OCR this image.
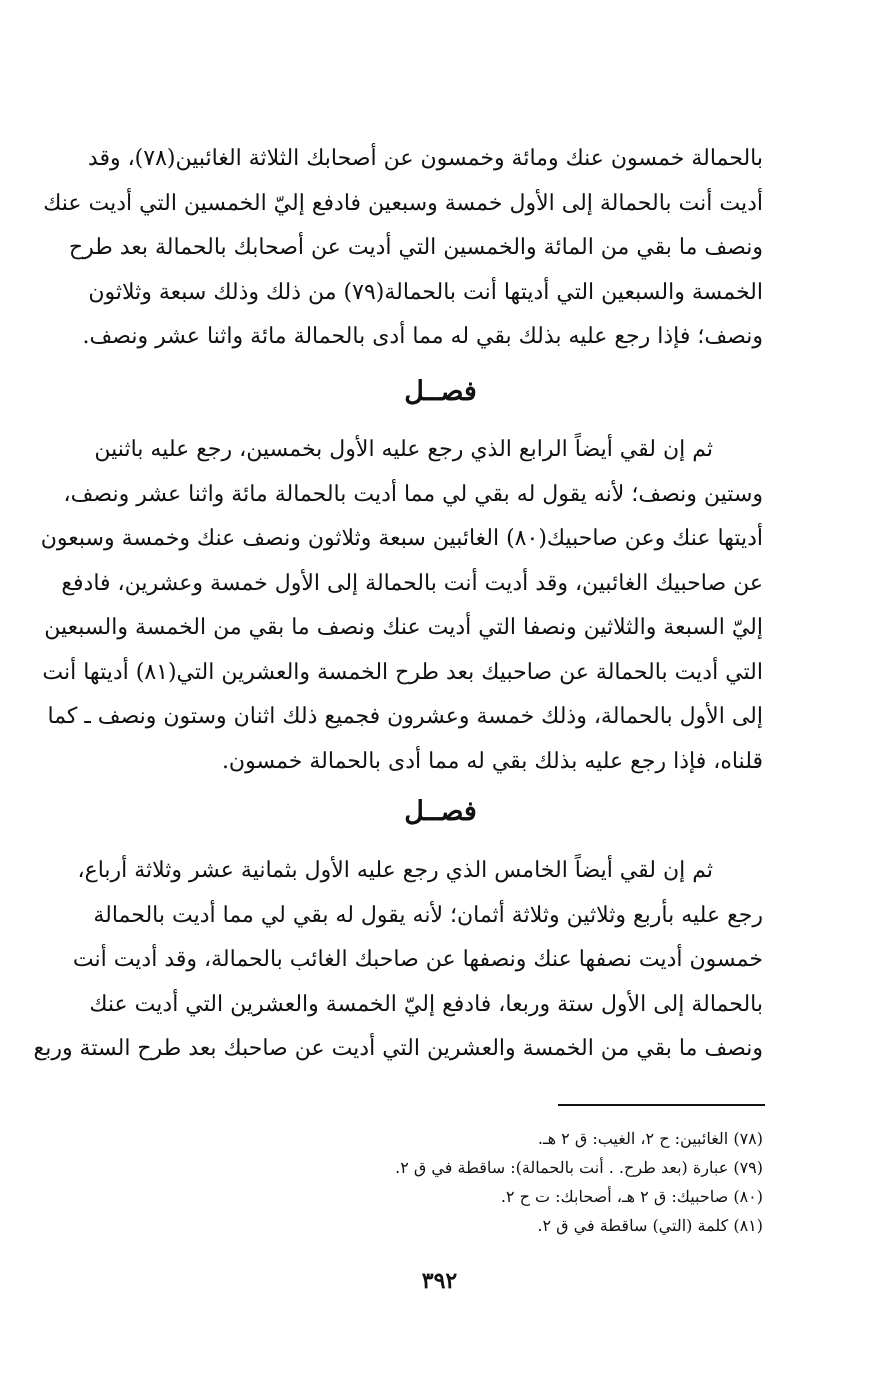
بالحمالة خمسون عنك ومائة وخمسون عن أصحابك الثلاثة الغائبين(٧٨)، وقد
أديت أنت بالحمالة إلى الأول خمسة وسبعين فادفع إليّ الخمسين التي أديت عنك
ونصف ما بقي من المائة والخمسين التي أديت عن أصحابك بالحمالة بعد طرح
الخمسة والسبعين التي أديتها أنت بالحمالة(٧٩) من ذلك وذلك سبعة وثلاثون
ونصف؛ فإذا رجع عليه بذلك بقي له مما أدى بالحمالة مائة واثنا عشر ونصف.
فصــل
ثم إن لقي أيضاً الرابع الذي رجع عليه الأول بخمسين، رجع عليه باثنين
وستين ونصف؛ لأنه يقول له بقي لي مما أديت بالحمالة مائة واثنا عشر ونصف،
أديتها عنك وعن صاحبيك(٨٠) الغائبين سبعة وثلاثون ونصف عنك وخمسة وسبعون
عن صاحبيك الغائبين، وقد أديت أنت بالحمالة إلى الأول خمسة وعشرين، فادفع
إليّ السبعة والثلاثين ونصفا التي أديت عنك ونصف ما بقي من الخمسة والسبعين
التي أديت بالحمالة عن صاحبيك بعد طرح الخمسة والعشرين التي(٨١) أديتها أنت
إلى الأول بالحمالة، وذلك خمسة وعشرون فجميع ذلك اثنان وستون ونصف ـ كما
قلناه، فإذا رجع عليه بذلك بقي له مما أدى بالحمالة خمسون.
فصــل
ثم إن لقي أيضاً الخامس الذي رجع عليه الأول بثمانية عشر وثلاثة أرباع،
رجع عليه بأربع وثلاثين وثلاثة أثمان؛ لأنه يقول له بقي لي مما أديت بالحمالة
خمسون أديت نصفها عنك ونصفها عن صاحبك الغائب بالحمالة، وقد أديت أنت
بالحمالة إلى الأول ستة وربعا، فادفع إليّ الخمسة والعشرين التي أديت عنك
ونصف ما بقي من الخمسة والعشرين التي أديت عن صاحبك بعد طرح الستة وربع
(٧٨) الغائبين: ح ٢، الغيب: ق ٢ هـ.
(٧٩) عبارة (بعد طرح. . أنت بالحمالة): ساقطة في ق ٢.
(٨٠) صاحبيك: ق ٢ هـ، أصحابك: ت ح ٢.
(٨١) كلمة (التي) ساقطة في ق ٢.
٣٩٢
